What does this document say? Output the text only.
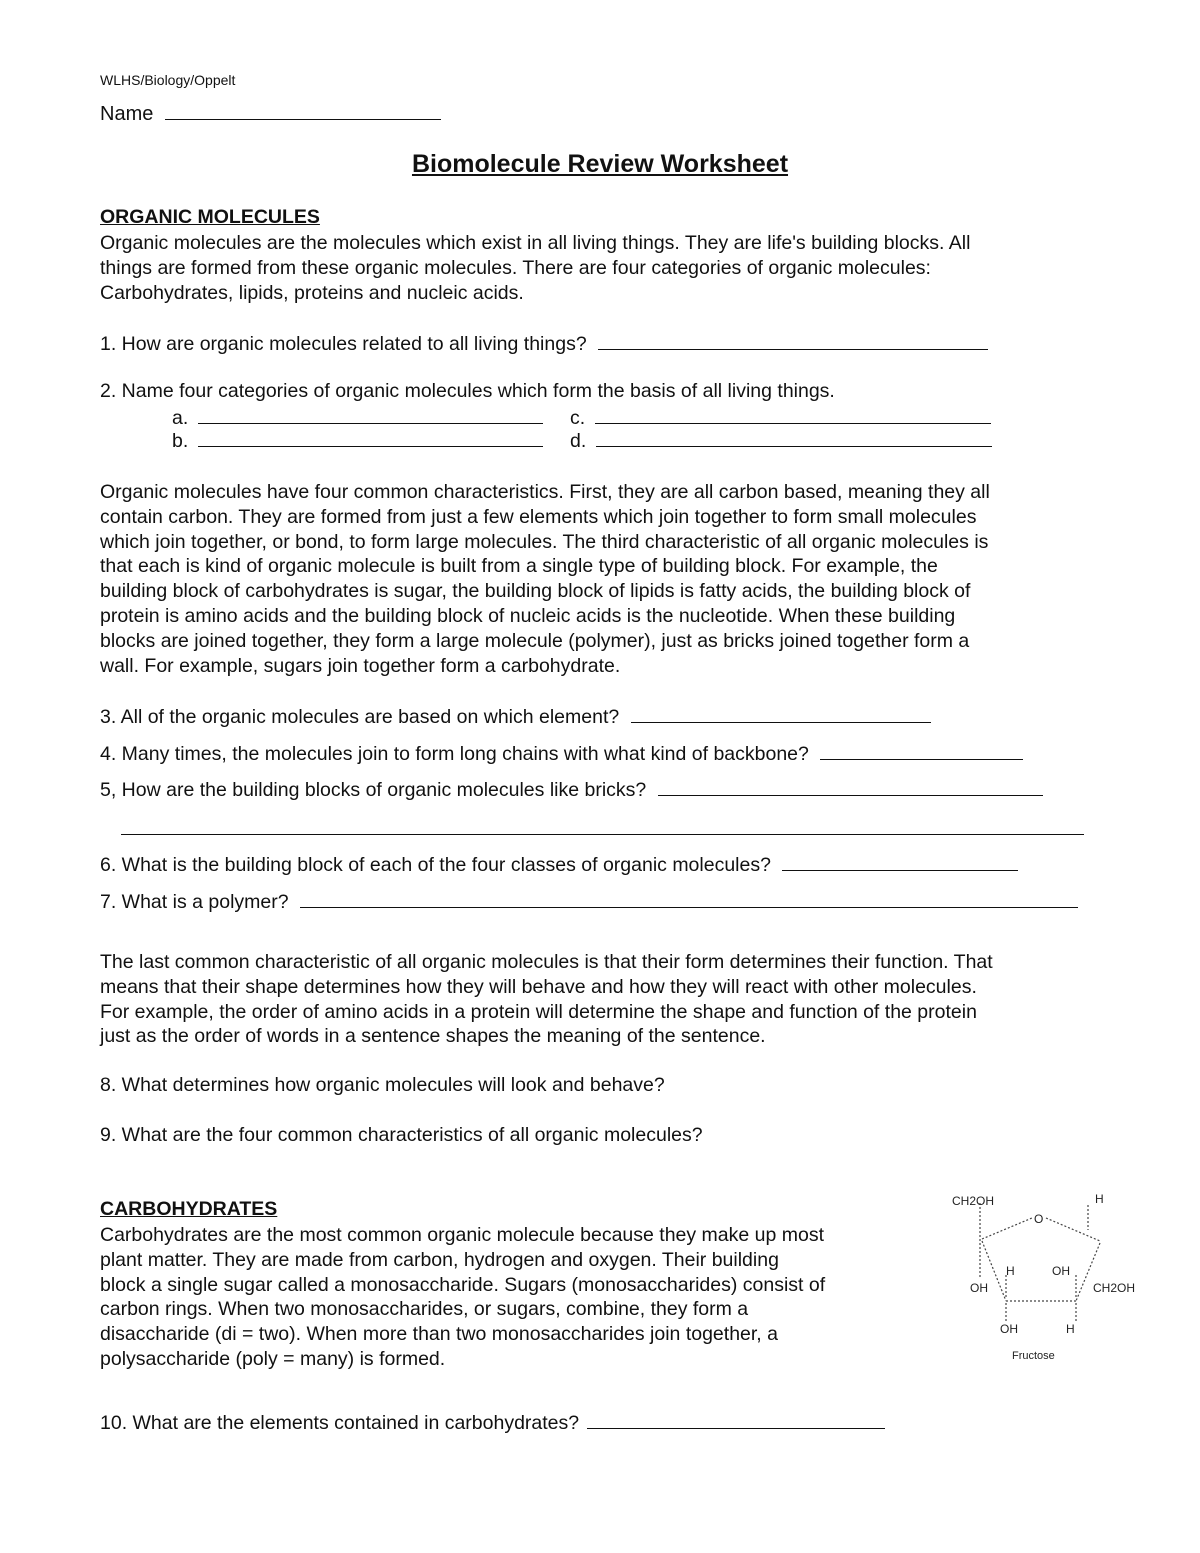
WLHS/Biology/Oppelt
Name
Biomolecule Review Worksheet
ORGANIC MOLECULES
Organic molecules are the molecules which exist in all living things. They are life's building blocks. All
things are formed from these organic molecules. There are four categories of organic molecules:
Carbohydrates, lipids, proteins and nucleic acids.
1. How are organic molecules related to all living things?
2. Name four categories of organic molecules which form the basis of all living things.
a.
b.
c.
d.
Organic molecules have four common characteristics. First, they are all carbon based, meaning they all
contain carbon. They are formed from just a few elements which join together to form small molecules
which join together, or bond, to form large molecules. The third characteristic of all organic molecules is
that each is kind of organic molecule is built from a single type of building block. For example, the
building block of carbohydrates is sugar, the building block of lipids is fatty acids, the building block of
protein is amino acids and the building block of nucleic acids is the nucleotide. When these building
blocks are joined together, they form a large molecule (polymer), just as bricks joined together form a
wall. For example, sugars join together form a carbohydrate.
3. All of the organic molecules are based on which element?
4. Many times, the molecules join to form long chains with what kind of backbone?
5, How are the building blocks of organic molecules like bricks?
6. What is the building block of each of the four classes of organic molecules?
7. What is a polymer?
The last common characteristic of all organic molecules is that their form determines their function. That
means that their shape determines how they will behave and how they will react with other molecules.
For example, the order of amino acids in a protein will determine the shape and function of the protein
just as the order of words in a sentence shapes the meaning of the sentence.
8. What determines how organic molecules will look and behave?
9. What are the four common characteristics of all organic molecules?
CARBOHYDRATES
Carbohydrates are the most common organic molecule because they make up most
plant matter. They are made from carbon, hydrogen and oxygen. Their building
block a single sugar called a monosaccharide. Sugars (monosaccharides) consist of
carbon rings. When two monosaccharides, or sugars, combine, they form a
disaccharide (di = two). When more than two monosaccharides join together, a
polysaccharide (poly = many) is formed.
10. What are the elements contained in carbohydrates?
CH2OH	H
O
H	OH
OH	CH2OH
OH	H
Fructose
